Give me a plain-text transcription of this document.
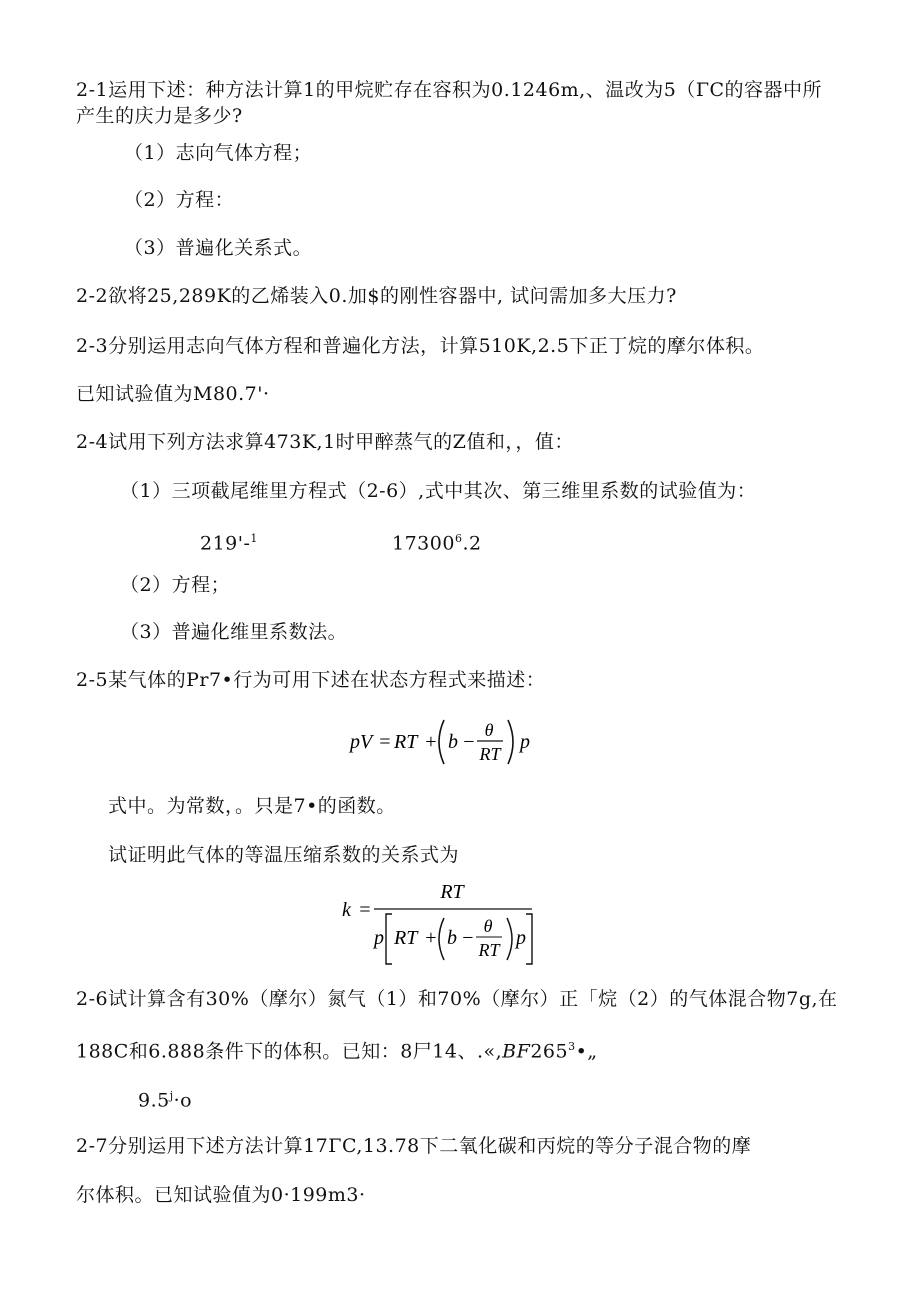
2-1运用下述：种方法计算1的甲烷贮存在容积为0.1246m,、温改为5（ΓC的容器中所
产生的庆力是多少?
（1）志向气体方程；
（2）方程：
（3）普遍化关系式。
2-2欲将25,289K的乙烯装入0.加$的刚性容器中, 试问需加多大压力?
2-3分别运用志向气体方程和普遍化方法，计算510K,2.5下正丁烷的摩尔体积。
已知试验值为M80.7'·
2-4试用下列方法求算473K,1时甲醉蒸气的Z值和，，值：
（1）三项截尾维里方程式（2-6）,式中其次、第三维里系数的试验值为：
219'-$^1$	17300$^6$.2
（2）方程；
（3）普遍化维里系数法。
2-5某气体的Pr7•行为可用下述在状态方程式来描述：
pV = RT + b −
θ
RT
p
式中。为常数，。只是7•的函数。
试证明此气体的等温压缩系数的关系式为
k =
RT
p RT + b −
θ
RT
p
2-6试计算含有30%（摩尔）氮气（1）和70%（摩尔）正「烷（2）的气体混合物7g,在
188C和6.888条件下的体积。已知：8尸14、$.«,BF265^3•„$
$9.5^j\cdot o$
2-7分别运用下述方法计算17ΓC,13.78下二氧化碳和丙烷的等分子混合物的摩
尔体积。已知试验值为0·199m3·
